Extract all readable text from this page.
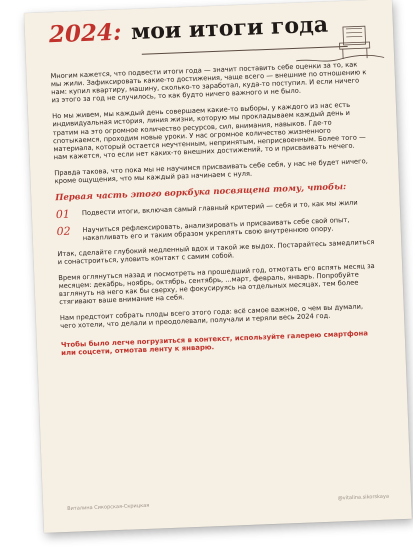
2024: мои итоги года

Многим кажется, что подвести итоги года — значит поставить себе оценки за то, как мы жили. Зафиксировать какие-то достижения, чаще всего — внешние по отношению к нам: купил квартиру, машину, сколько-то заработал, куда-то поступил. И если ничего из этого за год не случилось, то как будто ничего важного и не было.

Но мы живем, мы каждый день совершаем какие-то выборы, у каждого из нас есть индивидуальная история, линия жизни, которую мы прокладываем каждый день и тратим на это огромное количество ресурсов, сил, внимания, навыков. Где-то спотыкаемся, проходим новые уроки. У нас огромное количество жизненного материала, который остается неучтенным, непринятым, неприсвоенным. Более того — нам кажется, что если нет каких-то внешних достижений, то и присваивать нечего.

Правда такова, что пока мы не научимся присваивать себе себя, у нас не будет ничего, кроме ощущения, что мы каждый раз начинаем с нуля.

Первая часть этого воркбука посвящена тому, чтобы:
01	Подвести итоги, включая самый главный критерий — себя и то, как мы жили
02	Научиться рефлексировать, анализировать и присваивать себе свой опыт, накапливать его и таким образом укреплять свою внутреннюю опору.

Итак, сделайте глубокий медленный вдох и такой же выдох. Постарайтесь замедлиться и сонастроиться, уловить контакт с самим собой.

Время оглянуться назад и посмотреть на прошедший год, отмотать его вспять месяц за месяцем: декабрь, ноябрь, октябрь, сентябрь, ...март, февраль, январь. Попробуйте взглянуть на него как бы сверху, не фокусируясь на отдельных месяцах, тем более стягивают ваше внимание на себя.

Нам предстоит собрать плоды всего этого года: всё самое важное, о чем вы думали, чего хотели, что делали и преодолевали, получали и теряли весь 2024 год.

Чтобы было легче погрузиться в контекст, используйте галерею смартфона или соцсети, отмотав ленту к январю.

Виталина Сикорская-Скрицкая
@vitalina.sikorskaya
